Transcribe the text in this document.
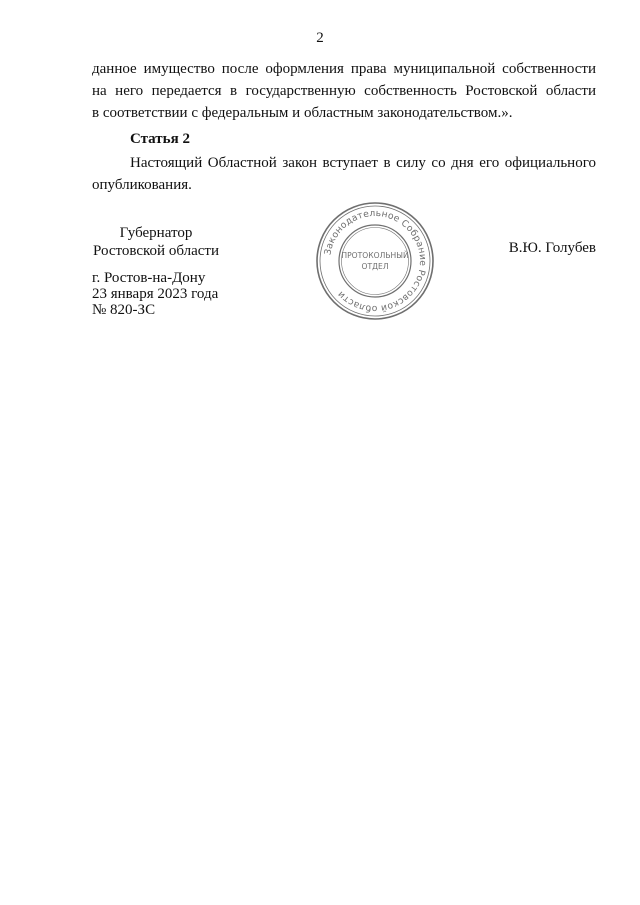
2
данное имущество после оформления права муниципальной собственности
на него передается в государственную собственность Ростовской области
в соответствии с федеральным и областным законодательством.».
Статья 2
Настоящий Областной закон вступает в силу со дня его официального
опубликования.
Губернатор
Ростовской области	Законодательное Собрание Ростовской области
ПРОТОКОЛЬНЫЙ
ОТДЕЛ
В.Ю. Голубев
г. Ростов-на-Дону
23 января 2023 года
№ 820-ЗС
